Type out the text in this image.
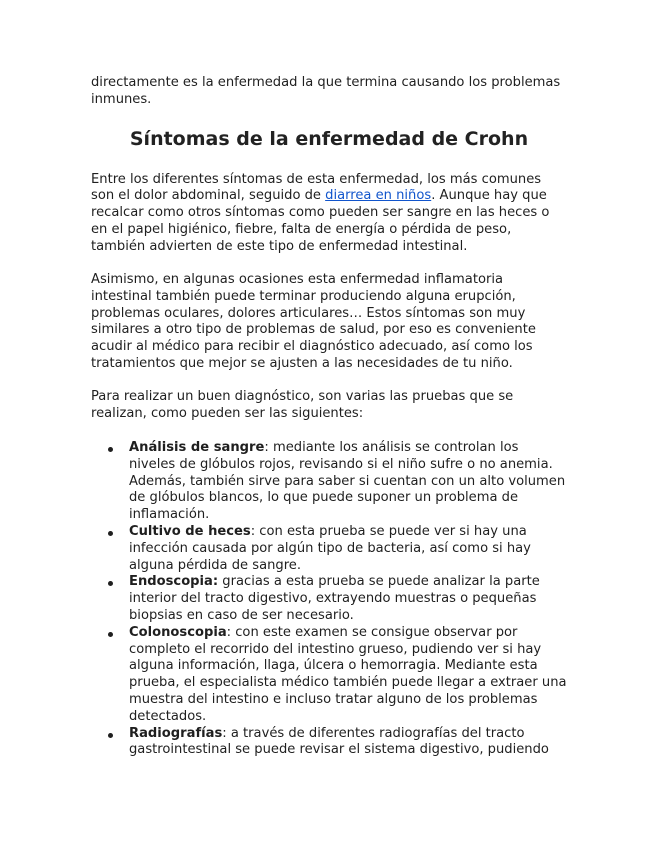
directamente es la enfermedad la que termina causando los problemas inmunes.

Síntomas de la enfermedad de Crohn

Entre los diferentes síntomas de esta enfermedad, los más comunes son el dolor abdominal, seguido de diarrea en niños. Aunque hay que recalcar como otros síntomas como pueden ser sangre en las heces o en el papel higiénico, fiebre, falta de energía o pérdida de peso, también advierten de este tipo de enfermedad intestinal.

Asimismo, en algunas ocasiones esta enfermedad inflamatoria intestinal también puede terminar produciendo alguna erupción, problemas oculares, dolores articulares… Estos síntomas son muy similares a otro tipo de problemas de salud, por eso es conveniente acudir al médico para recibir el diagnóstico adecuado, así como los tratamientos que mejor se ajusten a las necesidades de tu niño.

Para realizar un buen diagnóstico, son varias las pruebas que se realizan, como pueden ser las siguientes:

Análisis de sangre: mediante los análisis se controlan los niveles de glóbulos rojos, revisando si el niño sufre o no anemia. Además, también sirve para saber si cuentan con un alto volumen de glóbulos blancos, lo que puede suponer un problema de inflamación.
Cultivo de heces: con esta prueba se puede ver si hay una infección causada por algún tipo de bacteria, así como si hay alguna pérdida de sangre.
Endoscopia: gracias a esta prueba se puede analizar la parte interior del tracto digestivo, extrayendo muestras o pequeñas biopsias en caso de ser necesario.
Colonoscopia: con este examen se consigue observar por completo el recorrido del intestino grueso, pudiendo ver si hay alguna información, llaga, úlcera o hemorragia. Mediante esta prueba, el especialista médico también puede llegar a extraer una muestra del intestino e incluso tratar alguno de los problemas detectados.
Radiografías: a través de diferentes radiografías del tracto gastrointestinal se puede revisar el sistema digestivo, pudiendo
